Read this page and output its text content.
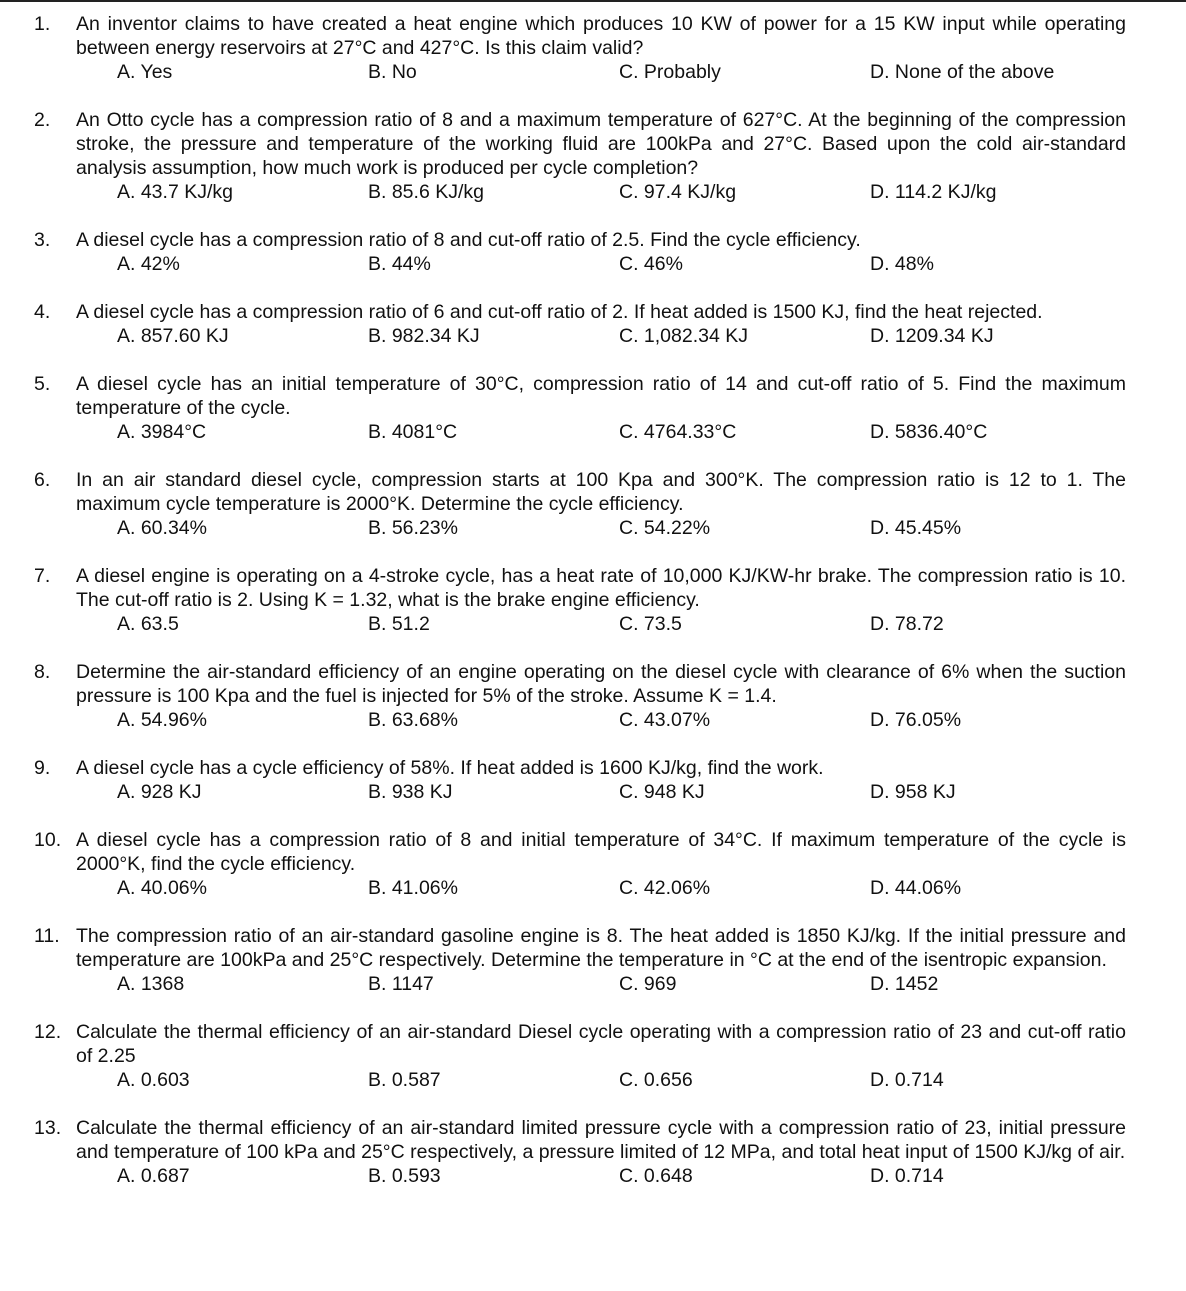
1. An inventor claims to have created a heat engine which produces 10 KW of power for a 15 KW input while operating between energy reservoirs at 27°C and 427°C. Is this claim valid?
A. Yes	B. No	C. Probably	D. None of the above
2. An Otto cycle has a compression ratio of 8 and a maximum temperature of 627°C. At the beginning of the compression stroke, the pressure and temperature of the working fluid are 100kPa and 27°C. Based upon the cold air-standard analysis assumption, how much work is produced per cycle completion?
A. 43.7 KJ/kg	B. 85.6 KJ/kg	C. 97.4 KJ/kg	D. 114.2 KJ/kg
3. A diesel cycle has a compression ratio of 8 and cut-off ratio of 2.5. Find the cycle efficiency.
A. 42%	B. 44%	C. 46%	D. 48%
4. A diesel cycle has a compression ratio of 6 and cut-off ratio of 2. If heat added is 1500 KJ, find the heat rejected.
A. 857.60 KJ	B. 982.34 KJ	C. 1,082.34 KJ	D. 1209.34 KJ
5. A diesel cycle has an initial temperature of 30°C, compression ratio of 14 and cut-off ratio of 5. Find the maximum temperature of the cycle.
A. 3984°C	B. 4081°C	C. 4764.33°C	D. 5836.40°C
6. In an air standard diesel cycle, compression starts at 100 Kpa and 300°K. The compression ratio is 12 to 1. The maximum cycle temperature is 2000°K. Determine the cycle efficiency.
A. 60.34%	B. 56.23%	C. 54.22%	D. 45.45%
7. A diesel engine is operating on a 4-stroke cycle, has a heat rate of 10,000 KJ/KW-hr brake. The compression ratio is 10. The cut-off ratio is 2. Using K = 1.32, what is the brake engine efficiency.
A. 63.5	B. 51.2	C. 73.5	D. 78.72
8. Determine the air-standard efficiency of an engine operating on the diesel cycle with clearance of 6% when the suction pressure is 100 Kpa and the fuel is injected for 5% of the stroke. Assume K = 1.4.
A. 54.96%	B. 63.68%	C. 43.07%	D. 76.05%
9. A diesel cycle has a cycle efficiency of 58%. If heat added is 1600 KJ/kg, find the work.
A. 928 KJ	B. 938 KJ	C. 948 KJ	D. 958 KJ
10. A diesel cycle has a compression ratio of 8 and initial temperature of 34°C. If maximum temperature of the cycle is 2000°K, find the cycle efficiency.
A. 40.06%	B. 41.06%	C. 42.06%	D. 44.06%
11. The compression ratio of an air-standard gasoline engine is 8. The heat added is 1850 KJ/kg. If the initial pressure and temperature are 100kPa and 25°C respectively. Determine the temperature in °C at the end of the isentropic expansion.
A. 1368	B. 1147	C. 969	D. 1452
12. Calculate the thermal efficiency of an air-standard Diesel cycle operating with a compression ratio of 23 and cut-off ratio of 2.25
A. 0.603	B. 0.587	C. 0.656	D. 0.714
13. Calculate the thermal efficiency of an air-standard limited pressure cycle with a compression ratio of 23, initial pressure and temperature of 100 kPa and 25°C respectively, a pressure limited of 12 MPa, and total heat input of 1500 KJ/kg of air.
A. 0.687	B. 0.593	C. 0.648	D. 0.714
